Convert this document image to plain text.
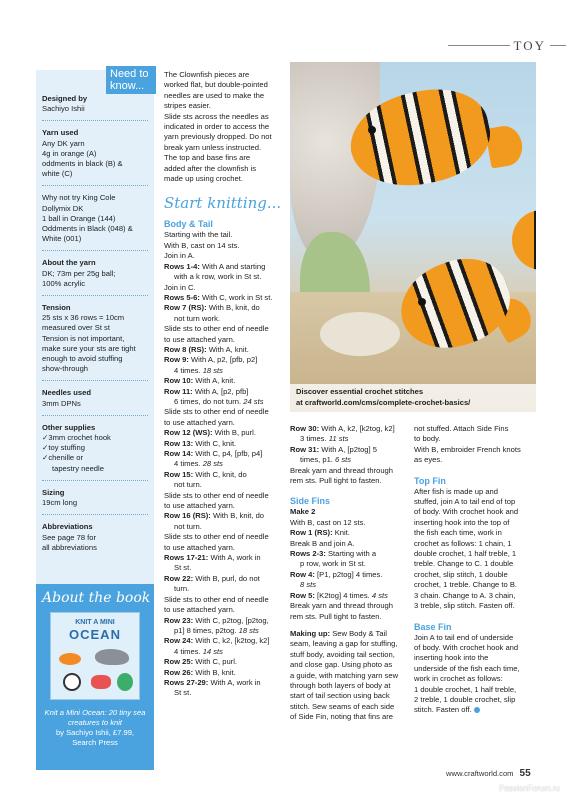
TOY
Designed by
Sachiyo Ishii
Yarn used
Any DK yarn
4g in orange (A)
oddments in black (B) &
white (C)
Why not try King Cole
Dollymix DK
1 ball in Orange (144)
Oddments in Black (048) &
White (001)
About the yarn
DK; 73m per 25g ball;
100% acrylic
Tension
25 sts x 36 rows = 10cm
measured over St st
Tension is not important,
make sure your sts are tight
enough to avoid stuffing
show-through
Needles used
3mm DPNs
Other supplies
✓ 3mm crochet hook
✓ toy stuffing
✓ chenille or
tapestry needle
Sizing
19cm long
Abbreviations
See page 78 for
all abbreviations
Need to know...
About the book
KNIT A MINI
OCEAN
Knit a Mini Ocean: 20 tiny sea creatures to knit
by Sachiyo Ishii, £7.99,
Search Press
The Clownfish pieces are
worked flat, but double-pointed
needles are used to make the
stripes easier.
Slide sts across the needles as
indicated in order to access the
yarn previously dropped. Do not
break yarn unless instructed.
The top and base fins are
added after the clownfish is
made up using crochet.
Start knitting...
Body & Tail
Starting with the tail.
With B, cast on 14 sts.
Join in A.
Rows 1-4: With A and starting
with a k row, work in St st.
Join in C.
Rows 5-6: With C, work in St st.
Row 7 (RS): With B, knit, do
not turn work.
Slide sts to other end of needle
to use attached yarn.
Row 8 (RS): With A, knit.
Row 9: With A, p2, [pfb, p2]
4 times. 18 sts
Row 10: With A, knit.
Row 11: With A, [p2, pfb]
6 times, do not turn. 24 sts
Slide sts to other end of needle
to use attached yarn.
Row 12 (WS): With B, purl.
Row 13: With C, knit.
Row 14: With C, p4, [pfb, p4]
4 times. 28 sts
Row 15: With C, knit, do
not turn.
Slide sts to other end of needle
to use attached yarn.
Row 16 (RS): With B, knit, do
not turn.
Slide sts to other end of needle
to use attached yarn.
Rows 17-21: With A, work in
St st.
Row 22: With B, purl, do not
turn.
Slide sts to other end of needle
to use attached yarn.
Row 23: With C, p2tog, [p2tog,
p1] 8 times, p2tog. 18 sts
Row 24: With C, k2, [k2tog, k2]
4 times. 14 sts
Row 25: With C, purl.
Row 26: With B, knit.
Rows 27-29: With A, work in
St st.
Discover essential crochet stitches
at craftworld.com/cms/complete-crochet-basics/
Row 30: With A, k2, [k2tog, k2]
3 times. 11 sts
Row 31: With A, [p2tog] 5
times, p1. 6 sts
Break yarn and thread through
rem sts. Pull tight to fasten.
Side Fins
Make 2
With B, cast on 12 sts.
Row 1 (RS): Knit.
Break B and join A.
Rows 2-3: Starting with a
p row, work in St st.
Row 4: [P1, p2tog] 4 times.
8 sts
Row 5: [K2tog] 4 times. 4 sts
Break yarn and thread through
rem sts. Pull tight to fasten.
Making up: Sew Body & Tail
seam, leaving a gap for stuffing,
stuff body, avoiding tail section,
and close gap. Using photo as
a guide, with matching yarn sew
through both layers of body at
start of tail section using back
stitch. Sew seams of each side
of Side Fin, noting that fins are
not stuffed. Attach Side Fins
to body.
With B, embroider French knots
as eyes.
Top Fin
After fish is made up and
stuffed, join A to tail end of top
of body. With crochet hook and
inserting hook into the top of
the fish each time, work in
crochet as follows: 1 chain, 1
double crochet, 1 half treble, 1
treble. Change to C. 1 double
crochet, slip stitch, 1 double
crochet, 1 treble. Change to B.
3 chain. Change to A. 3 chain,
3 treble, slip stitch. Fasten off.
Base Fin
Join A to tail end of underside
of body. With crochet hook and
inserting hook into the
underside of the fish each time,
work in crochet as follows:
1 double crochet, 1 half treble,
2 treble, 1 double crochet, slip
stitch. Fasten off.
www.craftworld.com 55
PassionForum.ru
